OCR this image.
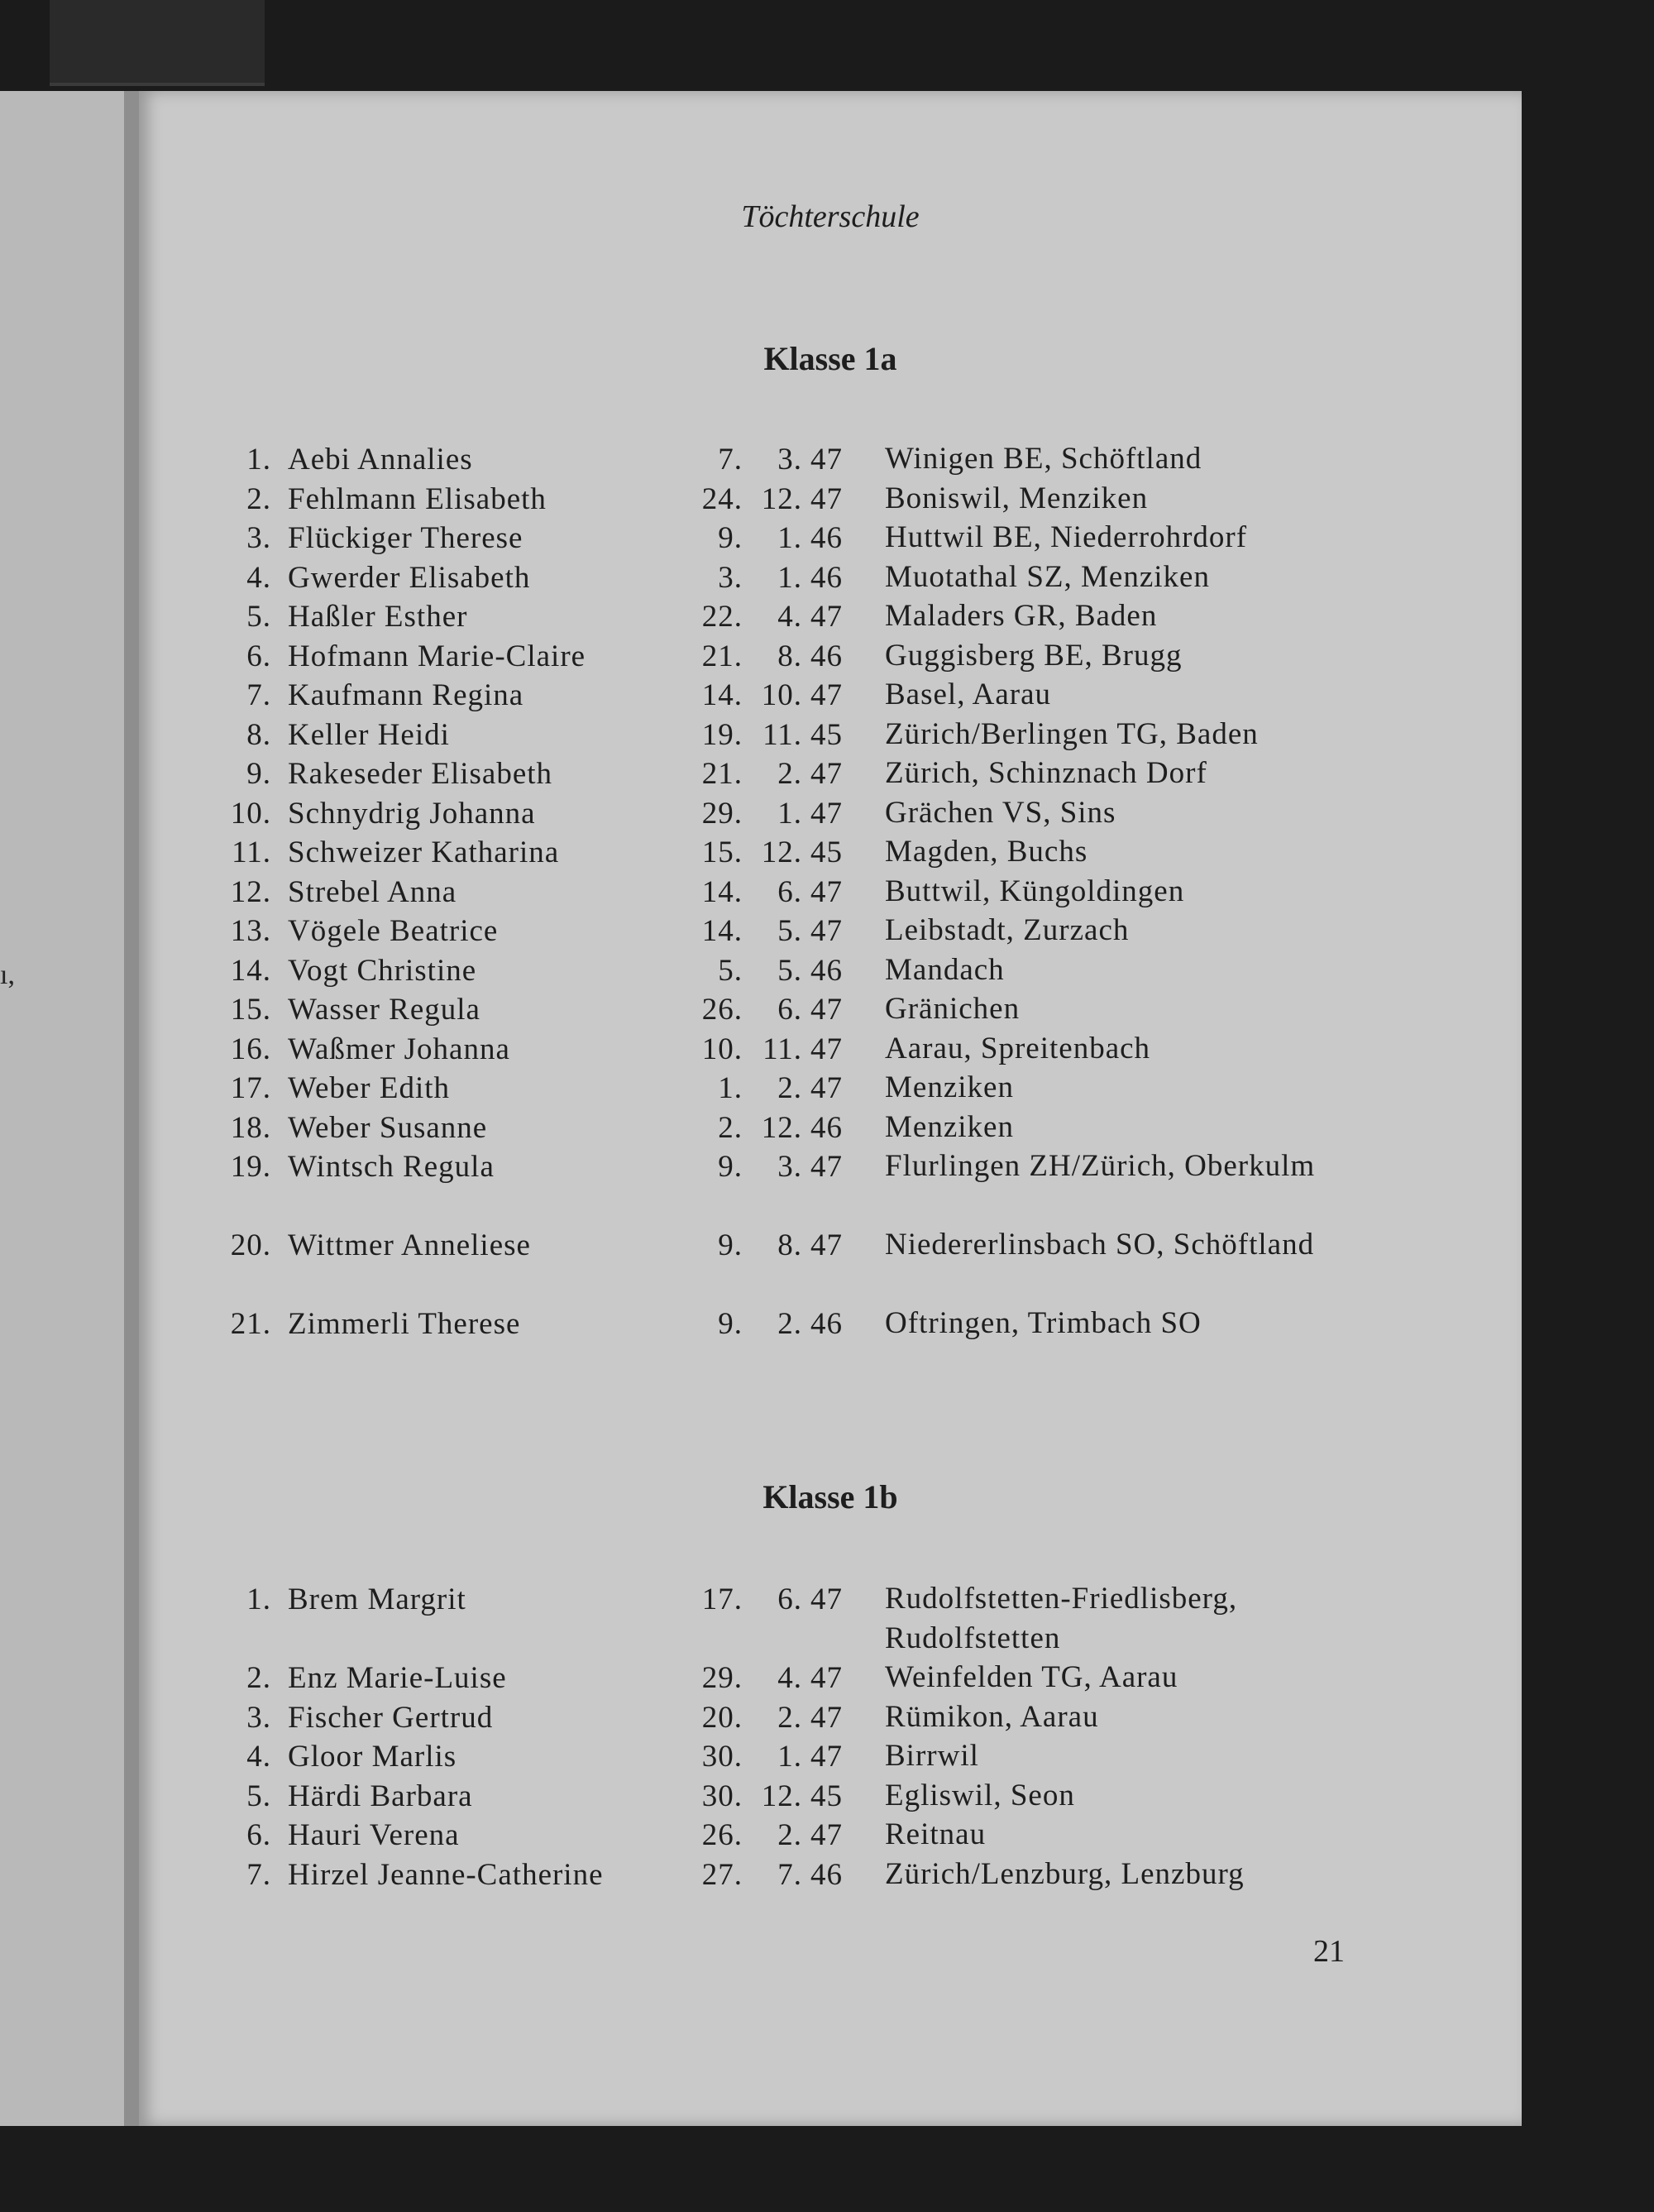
ı,
Töchterschule
Klasse 1a
1. Aebi Annalies	7.	3. 47 Winigen BE, Schöftland
2. Fehlmann Elisabeth	24. 12. 47 Boniswil, Menziken
3. Flückiger Therese	9.	1. 46 Huttwil BE, Niederrohrdorf
4. Gwerder Elisabeth	3.	1. 46 Muotathal SZ, Menziken
5. Haßler Esther	22.	4. 47 Maladers GR, Baden
6. Hofmann Marie-Claire	21.	8. 46 Guggisberg BE, Brugg
7. Kaufmann Regina	14. 10. 47 Basel, Aarau
8. Keller Heidi	19. 11. 45 Zürich/Berlingen TG, Baden
9. Rakeseder Elisabeth	21.	2. 47 Zürich, Schinznach Dorf
10. Schnydrig Johanna	29.	1. 47 Grächen VS, Sins
11. Schweizer Katharina	15. 12. 45 Magden, Buchs
12. Strebel Anna	14.	6. 47 Buttwil, Küngoldingen
13. Vögele Beatrice	14.	5. 47 Leibstadt, Zurzach
14. Vogt Christine	5.	5. 46 Mandach
15. Wasser Regula	26.	6. 47 Gränichen
16. Waßmer Johanna	10. 11. 47 Aarau, Spreitenbach
17. Weber Edith	1.	2. 47 Menziken
18. Weber Susanne	2. 12. 46 Menziken
19. Wintsch Regula	9.	3. 47 Flurlingen ZH/Zürich, Oberkulm
20. Wittmer Anneliese	9.	8. 47 Niedererlinsbach SO, Schöftland
21. Zimmerli Therese	9.	2. 46 Oftringen, Trimbach SO
Klasse 1b
1. Brem Margrit	17.	6. 47 Rudolfstetten-Friedlisberg, Rudolfstetten
2. Enz Marie-Luise	29.	4. 47 Weinfelden TG, Aarau
3. Fischer Gertrud	20.	2. 47 Rümikon, Aarau
4. Gloor Marlis	30.	1. 47 Birrwil
5. Härdi Barbara	30. 12. 45 Egliswil, Seon
6. Hauri Verena	26.	2. 47 Reitnau
7. Hirzel Jeanne-Catherine	27.	7. 46 Zürich/Lenzburg, Lenzburg
21
